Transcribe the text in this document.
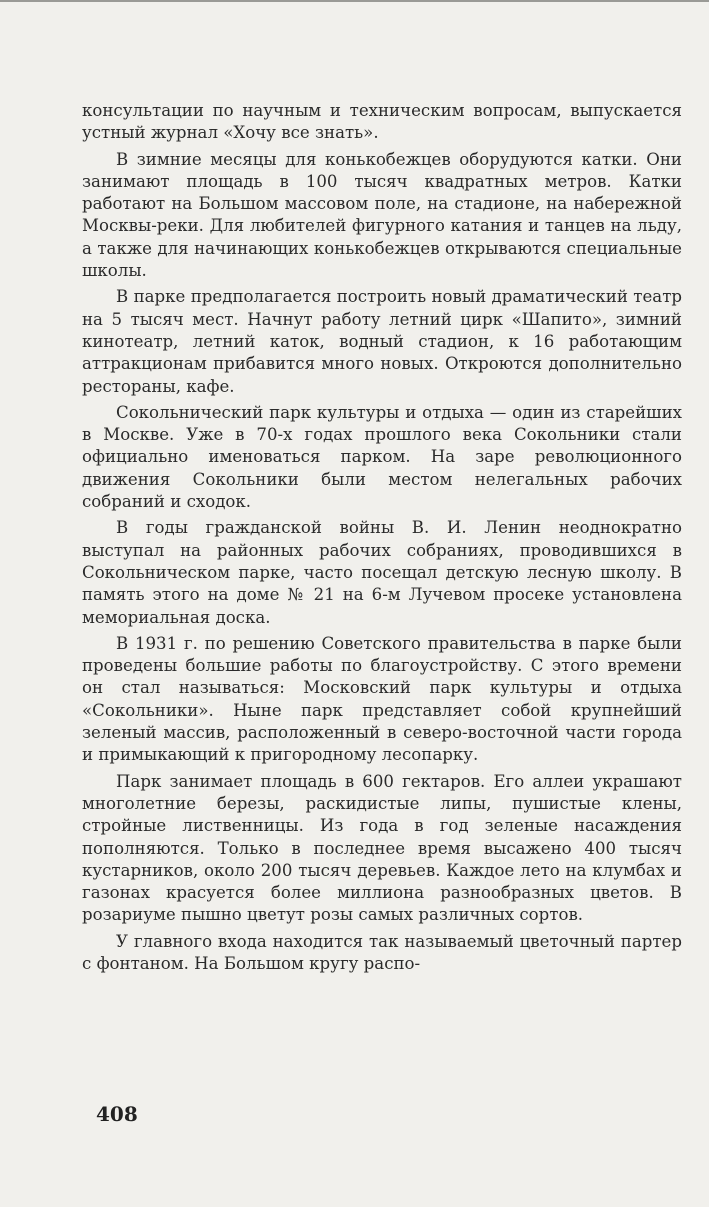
консультации по научным и техническим вопросам, выпускается устный журнал «Хочу все знать».

В зимние месяцы для конькобежцев оборудуются катки. Они занимают площадь в 100 тысяч квадратных метров. Катки работают на Большом массовом поле, на стадионе, на набережной Москвы-реки. Для любителей фигурного катания и танцев на льду, а также для начинающих конькобежцев открываются специальные школы.

В парке предполагается построить новый драматический театр на 5 тысяч мест. Начнут работу летний цирк «Шапито», зимний кинотеатр, летний каток, водный стадион, к 16 работающим аттракционам прибавится много новых. Откроются дополнительно рестораны, кафе.

Сокольнический парк культуры и отдыха — один из старейших в Москве. Уже в 70-х годах прошлого века Сокольники стали официально именоваться парком. На заре революционного движения Сокольники были местом нелегальных рабочих собраний и сходок.

В годы гражданской войны В. И. Ленин неоднократно выступал на районных рабочих собраниях, проводившихся в Сокольническом парке, часто посещал детскую лесную школу. В память этого на доме № 21 на 6-м Лучевом просеке установлена мемориальная доска.

В 1931 г. по решению Советского правительства в парке были проведены большие работы по благоустройству. С этого времени он стал называться: Московский парк культуры и отдыха «Сокольники». Ныне парк представляет собой крупнейший зеленый массив, расположенный в северо-восточной части города и примыкающий к пригородному лесопарку.

Парк занимает площадь в 600 гектаров. Его аллеи украшают многолетние березы, раскидистые липы, пушистые клены, стройные лиственницы. Из года в год зеленые насаждения пополняются. Только в последнее время высажено 400 тысяч кустарников, около 200 тысяч деревьев. Каждое лето на клумбах и газонах красуется более миллиона разнообразных цветов. В розариуме пышно цветут розы самых различных сортов.

У главного входа находится так называемый цветочный партер с фонтаном. На Большом кругу распо-

408
